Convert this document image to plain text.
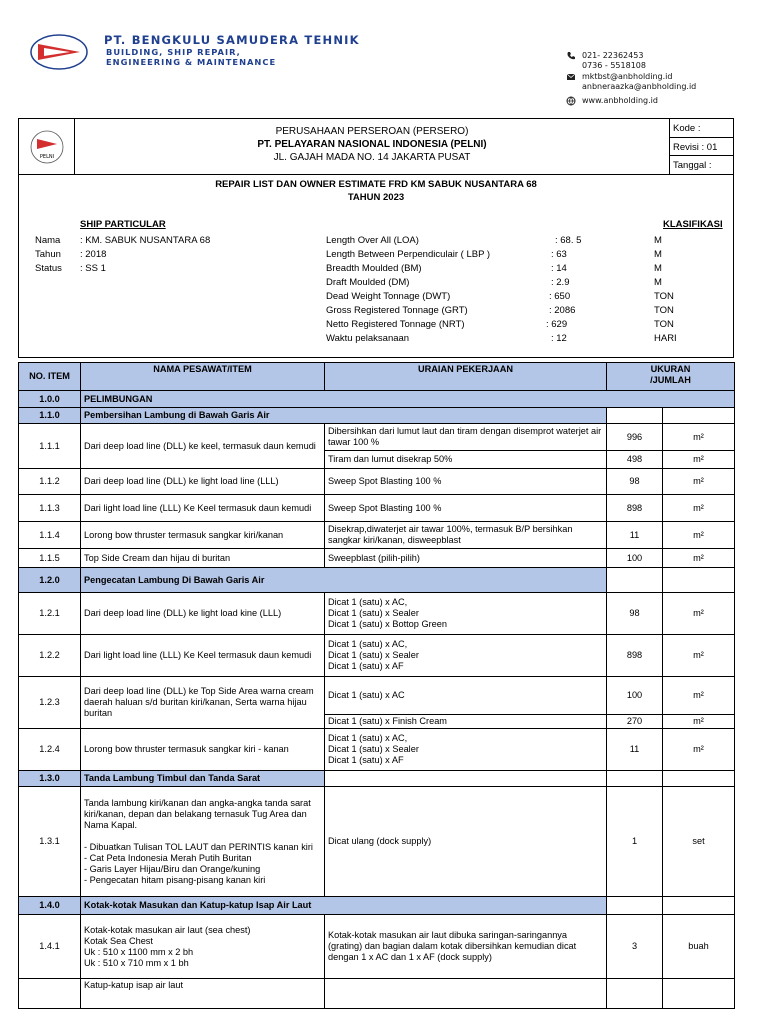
PT. BENGKULU SAMUDERA TEHNIK
BUILDING, SHIP REPAIR,
ENGINEERING & MAINTENANCE
021- 22362453
0736 - 5518108
mktbst@anbholding.id
anbneraazka@anbholding.id
www.anbholding.id
PELNI
PERUSAHAAN PERSEROAN (PERSERO)
PT. PELAYARAN NASIONAL INDONESIA (PELNI)
JL. GAJAH MADA NO. 14 JAKARTA PUSAT
Kode :
Revisi : 01
Tanggal :
REPAIR LIST DAN OWNER ESTIMATE FRD KM SABUK NUSANTARA 68
TAHUN 2023
SHIP PARTICULAR	KLASIFIKASI
Nama : KM. SABUK NUSANTARA 68
Tahun : 2018
Status : SS 1
Length Over All (LOA)	: 68. 5	M
Length Between Perpendiculair ( LBP )	: 63	M
Breadth Moulded (BM)	: 14	M
Draft Moulded (DM)	: 2.9	M
Dead Weight Tonnage (DWT)	: 650	TON
Gross Registered Tonnage (GRT)	: 2086	TON
Netto Registered Tonnage (NRT)	: 629	TON
Waktu pelaksanaan	: 12	HARI
NO. ITEM	NAMA PESAWAT/ITEM	URAIAN PEKERJAAN	UKURAN
/JUMLAH	
1.0.0	PELIMBUNGAN			
1.1.0	Pembersihan Lambung di Bawah Garis Air			
1.1.1	Dari deep load line (DLL) ke keel, termasuk daun kemudi	Dibersihkan dari lumut laut dan tiram dengan disemprot waterjet air tawar 100 %	996	m²
		Tiram dan lumut disekrap 50%	498	m²
1.1.2	Dari deep load line (DLL) ke light load line (LLL)	Sweep Spot Blasting 100 %	98	m²
1.1.3	Dari light load line (LLL) Ke Keel termasuk daun kemudi	Sweep Spot Blasting 100 %	898	m²
1.1.4	Lorong bow thruster termasuk sangkar kiri/kanan	Disekrap,diwaterjet air tawar 100%, termasuk B/P bersihkan sangkar kiri/kanan, disweepblast	11	m²
1.1.5	Top Side Cream dan hijau di buritan	Sweepblast (pilih-pilih)	100	m²
1.2.0	Pengecatan Lambung Di Bawah Garis Air			
1.2.1	Dari deep load line (DLL) ke light load kine (LLL)	Dicat 1 (satu) x AC,
Dicat 1 (satu) x Sealer
Dicat 1 (satu) x Bottop Green	98	m²
1.2.2	Dari light load line (LLL) Ke Keel termasuk daun kemudi	Dicat 1 (satu) x AC,
Dicat 1 (satu) x Sealer
Dicat 1 (satu) x AF	898	m²
1.2.3	Dari deep load line (DLL) ke Top Side Area warna cream daerah haluan s/d buritan kiri/kanan, Serta warna hijau buritan	Dicat 1 (satu) x AC	100	m²
		Dicat 1 (satu) x Finish Cream	270	m²
1.2.4	Lorong bow thruster termasuk sangkar kiri - kanan	Dicat 1 (satu) x AC,
Dicat 1 (satu) x Sealer
Dicat 1 (satu) x AF	11	m²
1.3.0	Tanda Lambung Timbul dan Tanda Sarat			
1.3.1	Tanda lambung kiri/kanan dan angka-angka tanda sarat kiri/kanan, depan dan belakang ternasuk Tug Area dan Nama Kapal.

- Dibuatkan Tulisan TOL LAUT dan PERINTIS kanan kiri
- Cat Peta Indonesia Merah Putih Buritan
- Garis Layer Hijau/Biru dan Orange/kuning
- Pengecatan hitam pisang-pisang kanan kiri	Dicat ulang (dock supply)	1	set
1.4.0	Kotak-kotak Masukan dan Katup-katup Isap Air Laut			
1.4.1	Kotak-kotak masukan air laut (sea chest)
Kotak Sea Chest
Uk : 510 x 1100 mm x 2 bh
Uk : 510 x 710 mm x 1 bh	Kotak-kotak masukan air laut dibuka saringan-saringannya (grating) dan bagian dalam kotak dibersihkan kemudian dicat dengan 1 x AC dan 1 x AF (dock supply)	3	buah
	Katup-katup isap air laut			
